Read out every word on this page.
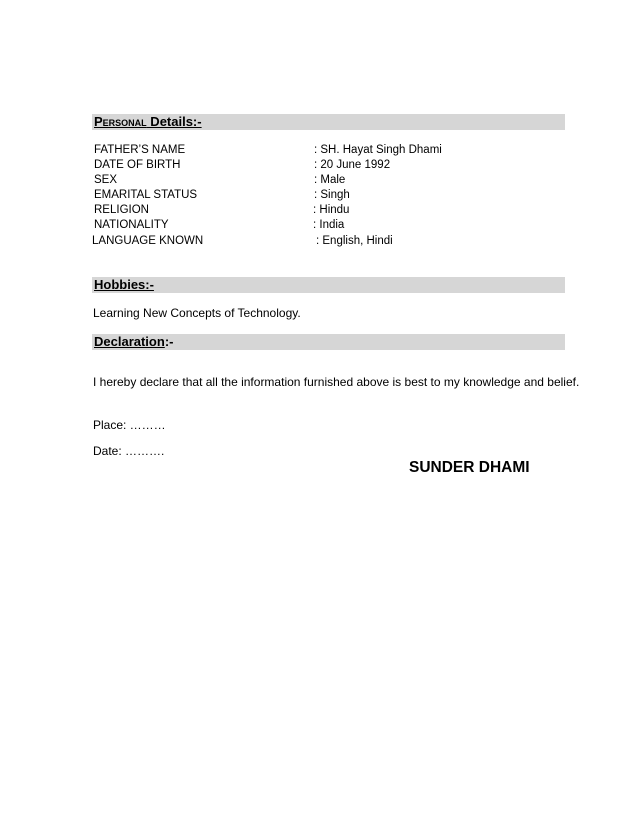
Personal Details:-
FATHER’S NAME	: SH. Hayat Singh Dhami
DATE OF BIRTH	: 20 June 1992
SEX	: Male
EMARITAL STATUS	: Singh
RELIGION	: Hindu
NATIONALITY	: India
LANGUAGE KNOWN	: English, Hindi
Hobbies:-
Learning New Concepts of Technology.
Declaration:-
I hereby declare that all the information furnished above is best to my knowledge and belief.
Place: ………
Date: ……….
SUNDER DHAMI
